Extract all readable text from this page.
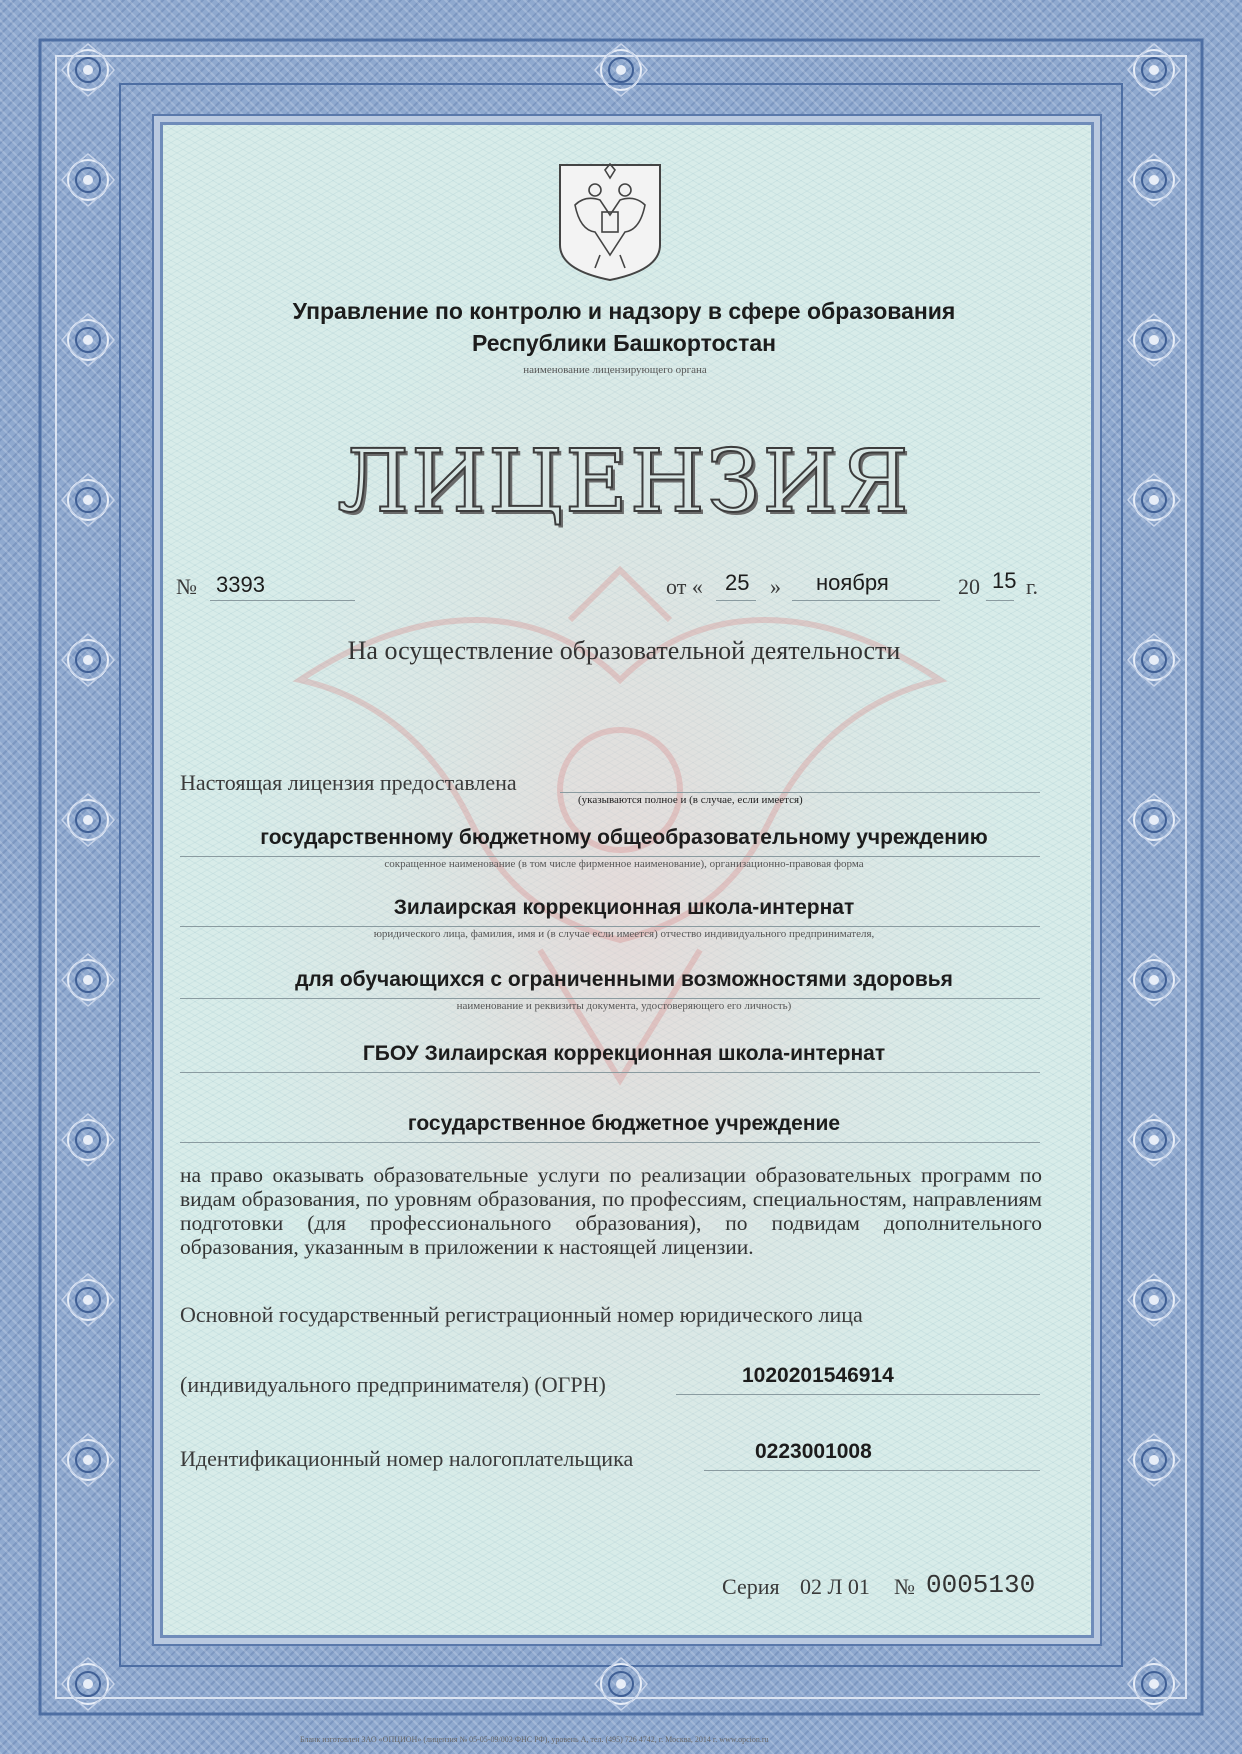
Управление по контролю и надзору в сфере образования
Республики Башкортостан
наименование лицензирующего органа
ЛИЦЕНЗИЯ
№ 3393	от « 25 » ноября	20 15 г.
На осуществление образовательной деятельности
Настоящая лицензия предоставлена
(указываются полное и (в случае, если имеется)
государственному бюджетному общеобразовательному учреждению
сокращенное наименование (в том числе фирменное наименование), организационно-правовая форма
Зилаирская коррекционная школа-интернат
юридического лица, фамилия, имя и (в случае если имеется) отчество индивидуального предпринимателя,
для обучающихся с ограниченными возможностями здоровья
наименование и реквизиты документа, удостоверяющего его личность)
ГБОУ Зилаирская коррекционная школа-интернат
государственное бюджетное учреждение
на право оказывать образовательные услуги по реализации образовательных программ по видам образования, по уровням образования, по профессиям, специальностям, направлениям подготовки (для профессионального образования), по подвидам дополнительного образования, указанным в приложении к настоящей лицензии.
Основной государственный регистрационный номер юридического лица
(индивидуального предпринимателя) (ОГРН)	1020201546914
Идентификационный номер налогоплательщика	0223001008
Серия 02 Л 01 № 0005130
Бланк изготовлен ЗАО «ОПЦИОН» (лицензия № 05-05-09/003 ФНС РФ), уровень А, тел. (495) 726 4742, г. Москва, 2014 г. www.opcion.ru
